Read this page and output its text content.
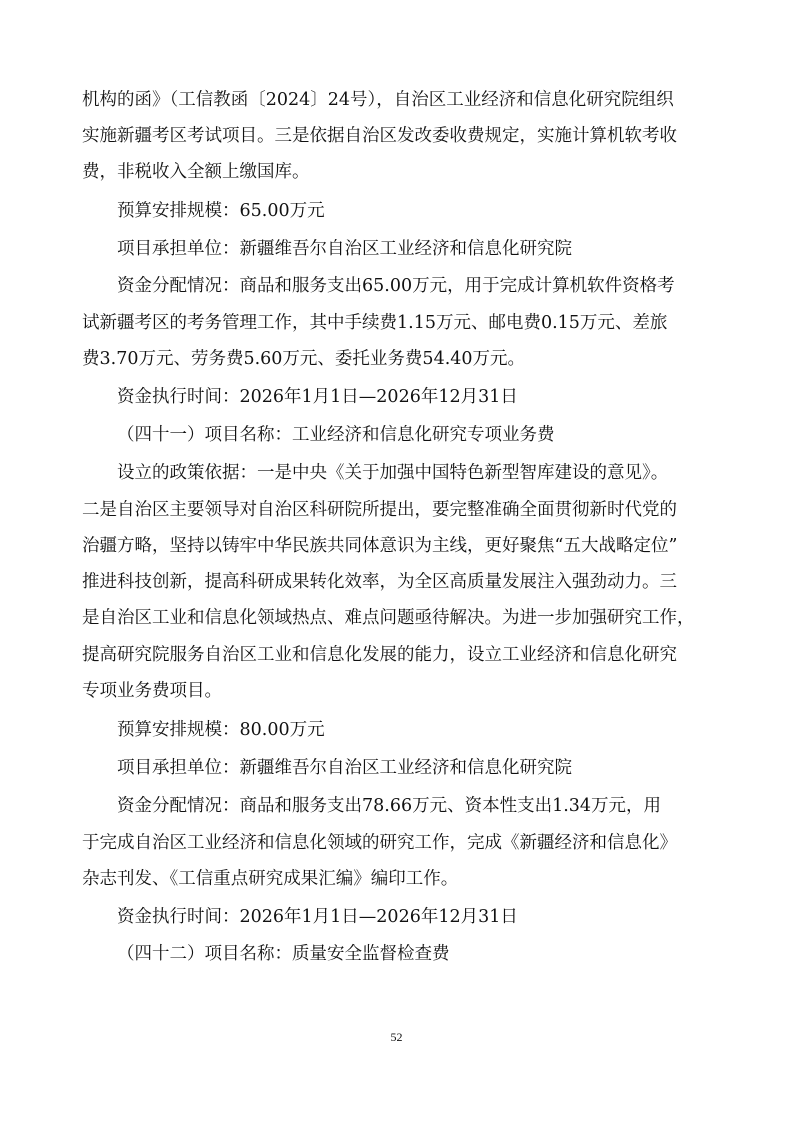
机构的函》（工信教函〔2024〕24号），自治区工业经济和信息化研究院组织
实施新疆考区考试项目。三是依据自治区发改委收费规定，实施计算机软考收
费，非税收入全额上缴国库。
预算安排规模：65.00万元
项目承担单位：新疆维吾尔自治区工业经济和信息化研究院
资金分配情况：商品和服务支出65.00万元，用于完成计算机软件资格考
试新疆考区的考务管理工作，其中手续费1.15万元、邮电费0.15万元、差旅
费3.70万元、劳务费5.60万元、委托业务费54.40万元。
资金执行时间：2026年1月1日—2026年12月31日
（四十一）项目名称：工业经济和信息化研究专项业务费
设立的政策依据：一是中央《关于加强中国特色新型智库建设的意见》。
二是自治区主要领导对自治区科研院所提出，要完整准确全面贯彻新时代党的
治疆方略，坚持以铸牢中华民族共同体意识为主线，更好聚焦“五大战略定位”
推进科技创新，提高科研成果转化效率，为全区高质量发展注入强劲动力。三
是自治区工业和信息化领域热点、难点问题亟待解决。为进一步加强研究工作，
提高研究院服务自治区工业和信息化发展的能力，设立工业经济和信息化研究
专项业务费项目。
预算安排规模：80.00万元
项目承担单位：新疆维吾尔自治区工业经济和信息化研究院
资金分配情况：商品和服务支出78.66万元、资本性支出1.34万元，用
于完成自治区工业经济和信息化领域的研究工作，完成《新疆经济和信息化》
杂志刊发、《工信重点研究成果汇编》编印工作。
资金执行时间：2026年1月1日—2026年12月31日
（四十二）项目名称：质量安全监督检查费
52
